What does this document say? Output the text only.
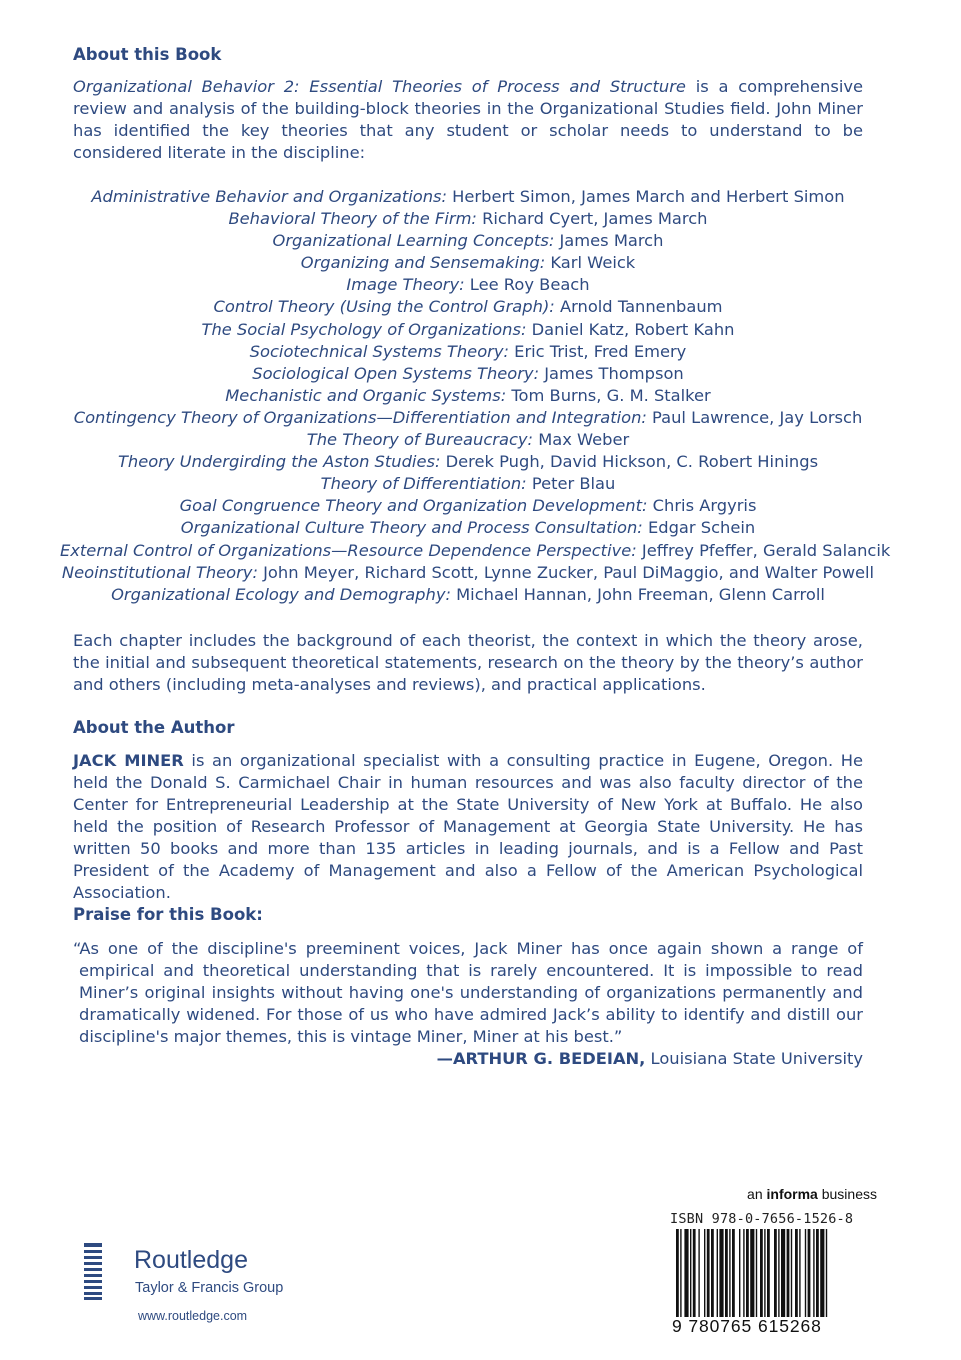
About this Book

Organizational Behavior 2: Essential Theories of Process and Structure is a comprehensive review and analysis of the building-block theories in the Organizational Studies field. John Miner has identified the key theories that any student or scholar needs to understand to be considered literate in the discipline:

Administrative Behavior and Organizations: Herbert Simon, James March and Herbert Simon
Behavioral Theory of the Firm: Richard Cyert, James March
Organizational Learning Concepts: James March
Organizing and Sensemaking: Karl Weick
Image Theory: Lee Roy Beach
Control Theory (Using the Control Graph): Arnold Tannenbaum
The Social Psychology of Organizations: Daniel Katz, Robert Kahn
Sociotechnical Systems Theory: Eric Trist, Fred Emery
Sociological Open Systems Theory: James Thompson
Mechanistic and Organic Systems: Tom Burns, G. M. Stalker
Contingency Theory of Organizations—Differentiation and Integration: Paul Lawrence, Jay Lorsch
The Theory of Bureaucracy: Max Weber
Theory Undergirding the Aston Studies: Derek Pugh, David Hickson, C. Robert Hinings
Theory of Differentiation: Peter Blau
Goal Congruence Theory and Organization Development: Chris Argyris
Organizational Culture Theory and Process Consultation: Edgar Schein
External Control of Organizations—Resource Dependence Perspective: Jeffrey Pfeffer, Gerald Salancik
Neoinstitutional Theory: John Meyer, Richard Scott, Lynne Zucker, Paul DiMaggio, and Walter Powell
Organizational Ecology and Demography: Michael Hannan, John Freeman, Glenn Carroll

Each chapter includes the background of each theorist, the context in which the theory arose, the initial and subsequent theoretical statements, research on the theory by the theory’s author and others (including meta-analyses and reviews), and practical applications.

About the Author

JACK MINER is an organizational specialist with a consulting practice in Eugene, Oregon. He held the Donald S. Carmichael Chair in human resources and was also faculty director of the Center for Entrepreneurial Leadership at the State University of New York at Buffalo. He also held the position of Research Professor of Management at Georgia State University. He has written 50 books and more than 135 articles in leading journals, and is a Fellow and Past President of the Academy of Management and also a Fellow of the American Psychological Association.

Praise for this Book:

“As one of the discipline's preeminent voices, Jack Miner has once again shown a range of empirical and theoretical understanding that is rarely encountered. It is impossible to read Miner’s original insights without having one's understanding of organizations permanently and dramatically widened. For those of us who have admired Jack’s ability to identify and distill our discipline's major themes, this is vintage Miner, Miner at his best.”

—ARTHUR G. BEDEIAN, Louisiana State University
Routledge
Taylor & Francis Group
www.routledge.com
an informa business
ISBN 978-0-7656-1526-8
9 780765 615268
